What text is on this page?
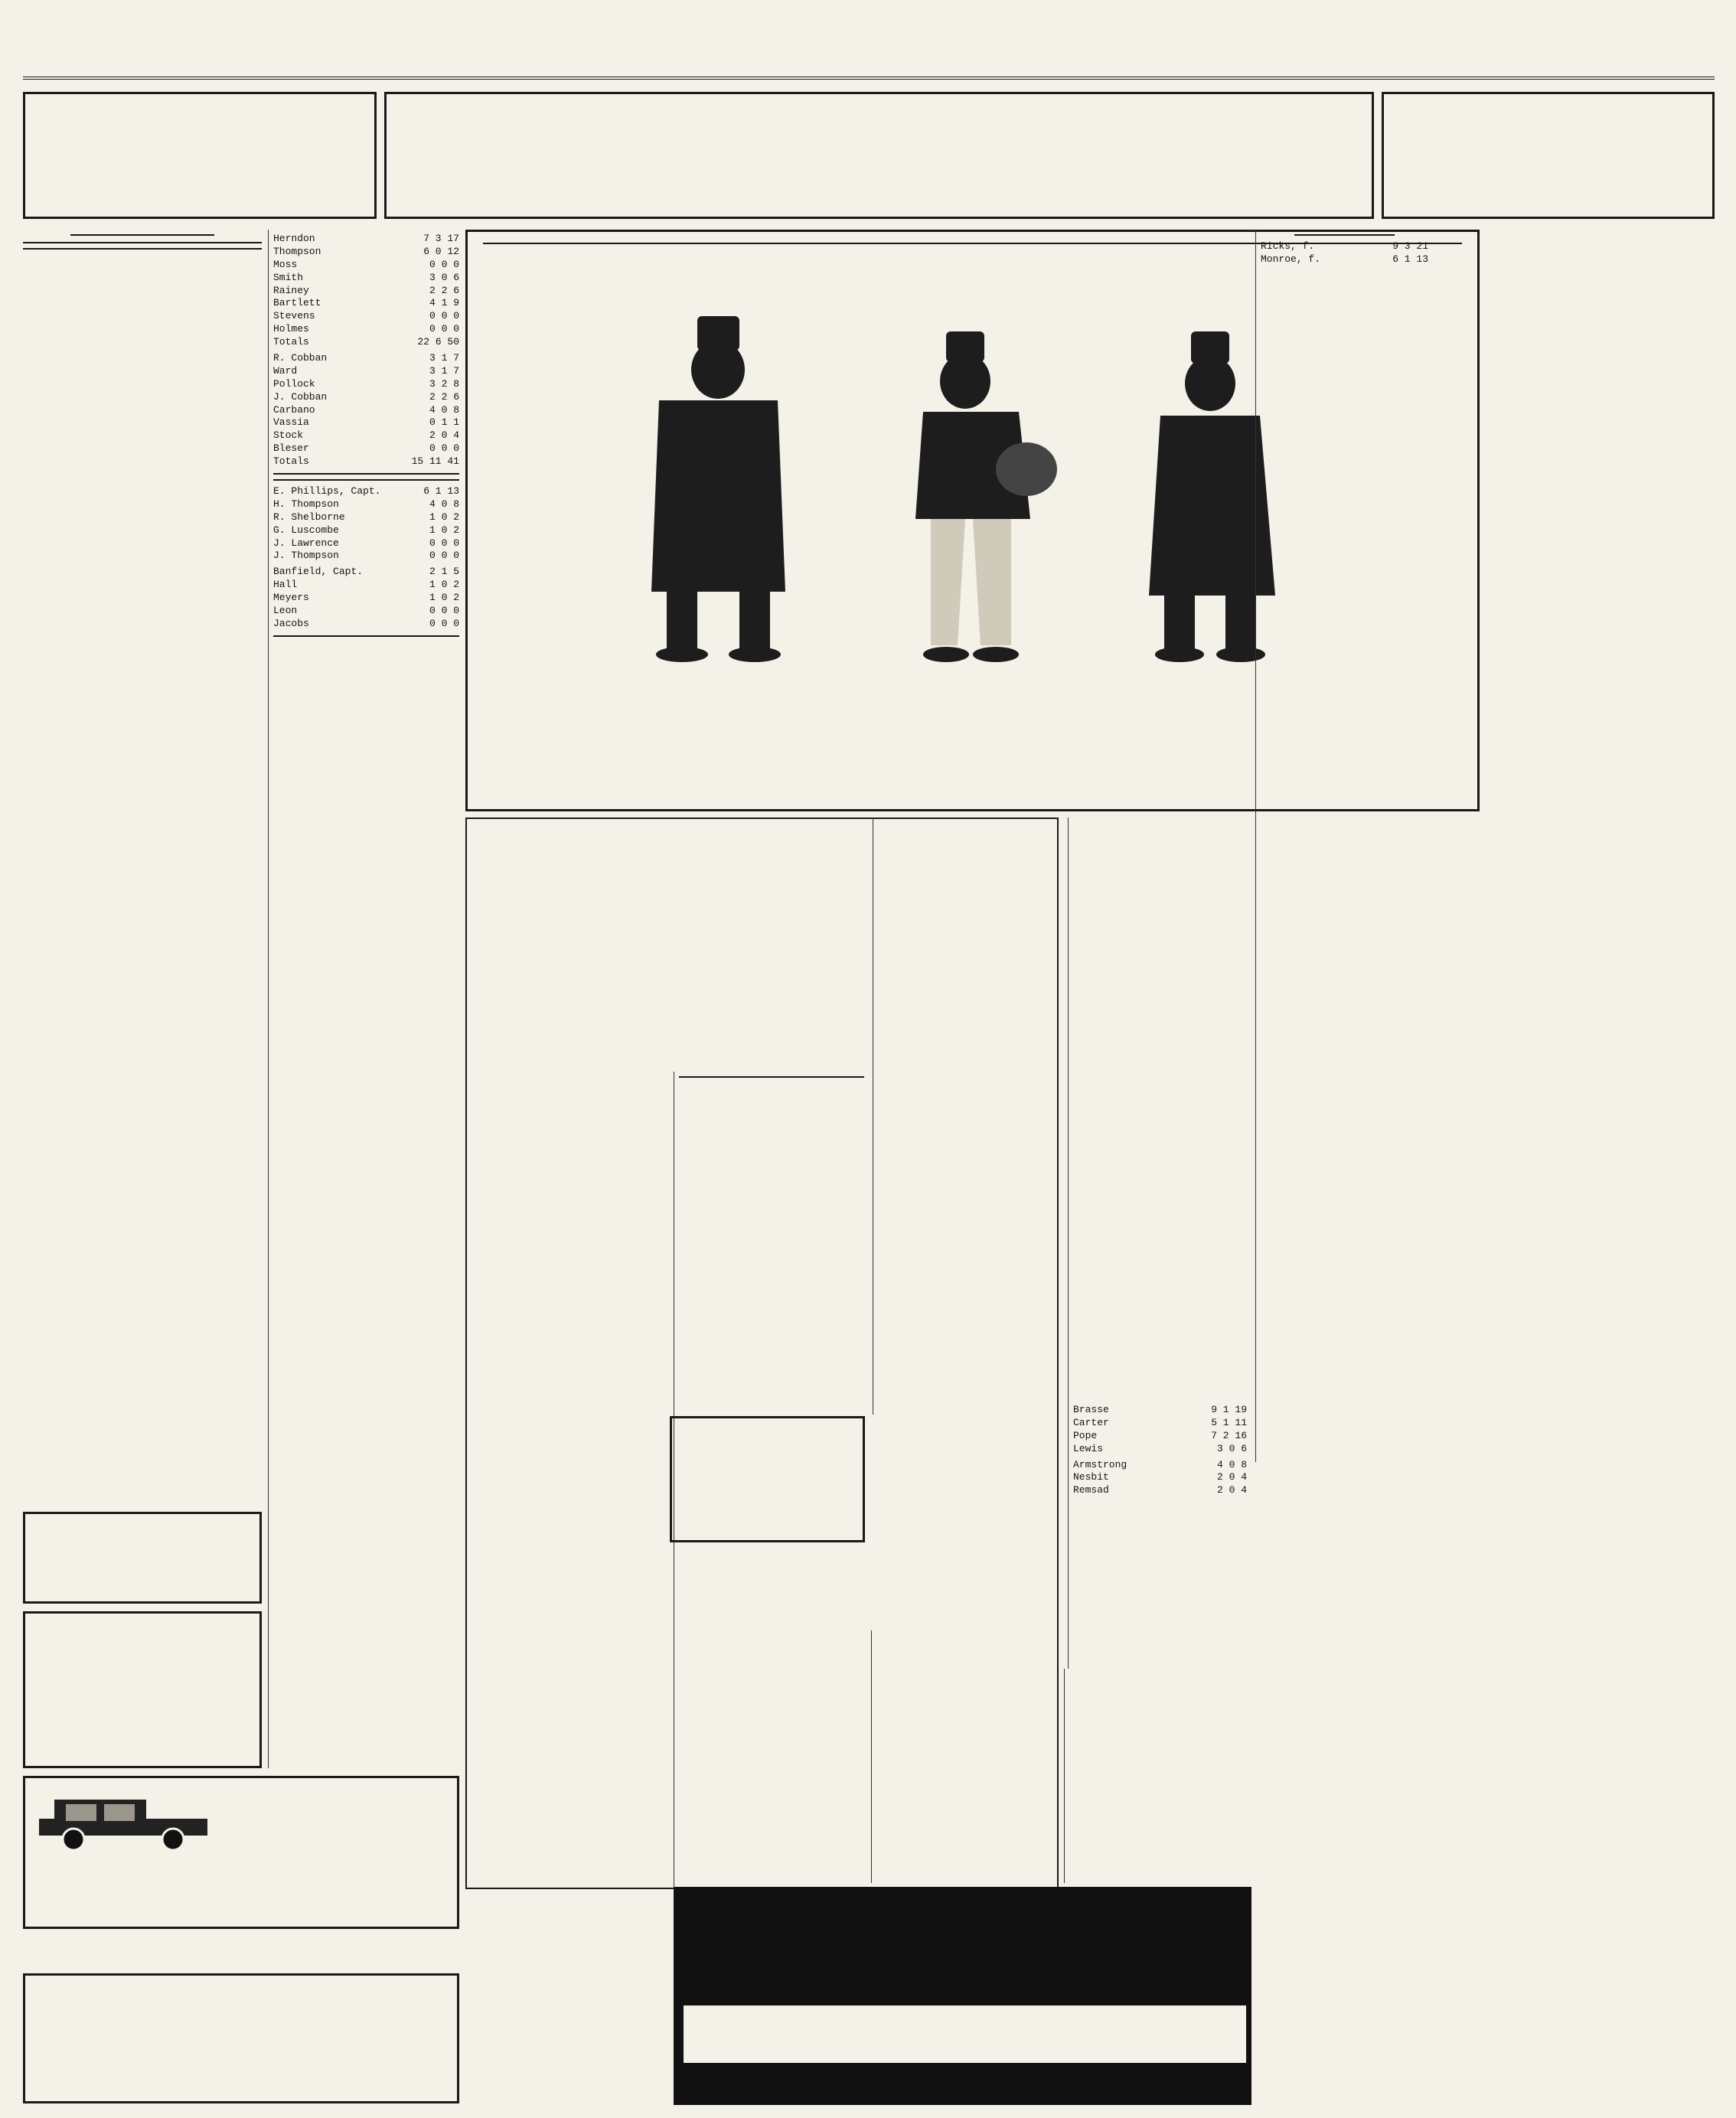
Herndon	7 3 17
Thompson	6 0 12
Moss	0 0 0
Smith	3 0 6
Rainey	2 2 6
Bartlett	4 1 9
Stevens	0 0 0
Holmes	0 0 0
Totals	22 6 50
R. Cobban	3 1 7
Ward	3 1 7
Pollock	3 2 8
J. Cobban	2 2 6
Carbano	4 0 8
Vassia	0 1 1
Stock	2 0 4
Bleser	0 0 0
Totals	15 11 41

E. Phillips, Capt.	6 1 13
H. Thompson	4 0 8
R. Shelborne	1 0 2
G. Luscombe	1 0 2
J. Lawrence	0 0 0
J. Thompson	0 0 0
Banfield, Capt.	2 1 5
Hall	1 0 2
Meyers	1 0 2
Leon	0 0 0
Jacobs	0 0 0

Brasse	9 1 19
Carter	5 1 11
Pope	7 2 16
Lewis	3 0 6
Armstrong	4 0 8
Nesbit	2 0 4
Remsad	2 0 4

Ricks, f.	9 3 21
Monroe, f.	6 1 13
